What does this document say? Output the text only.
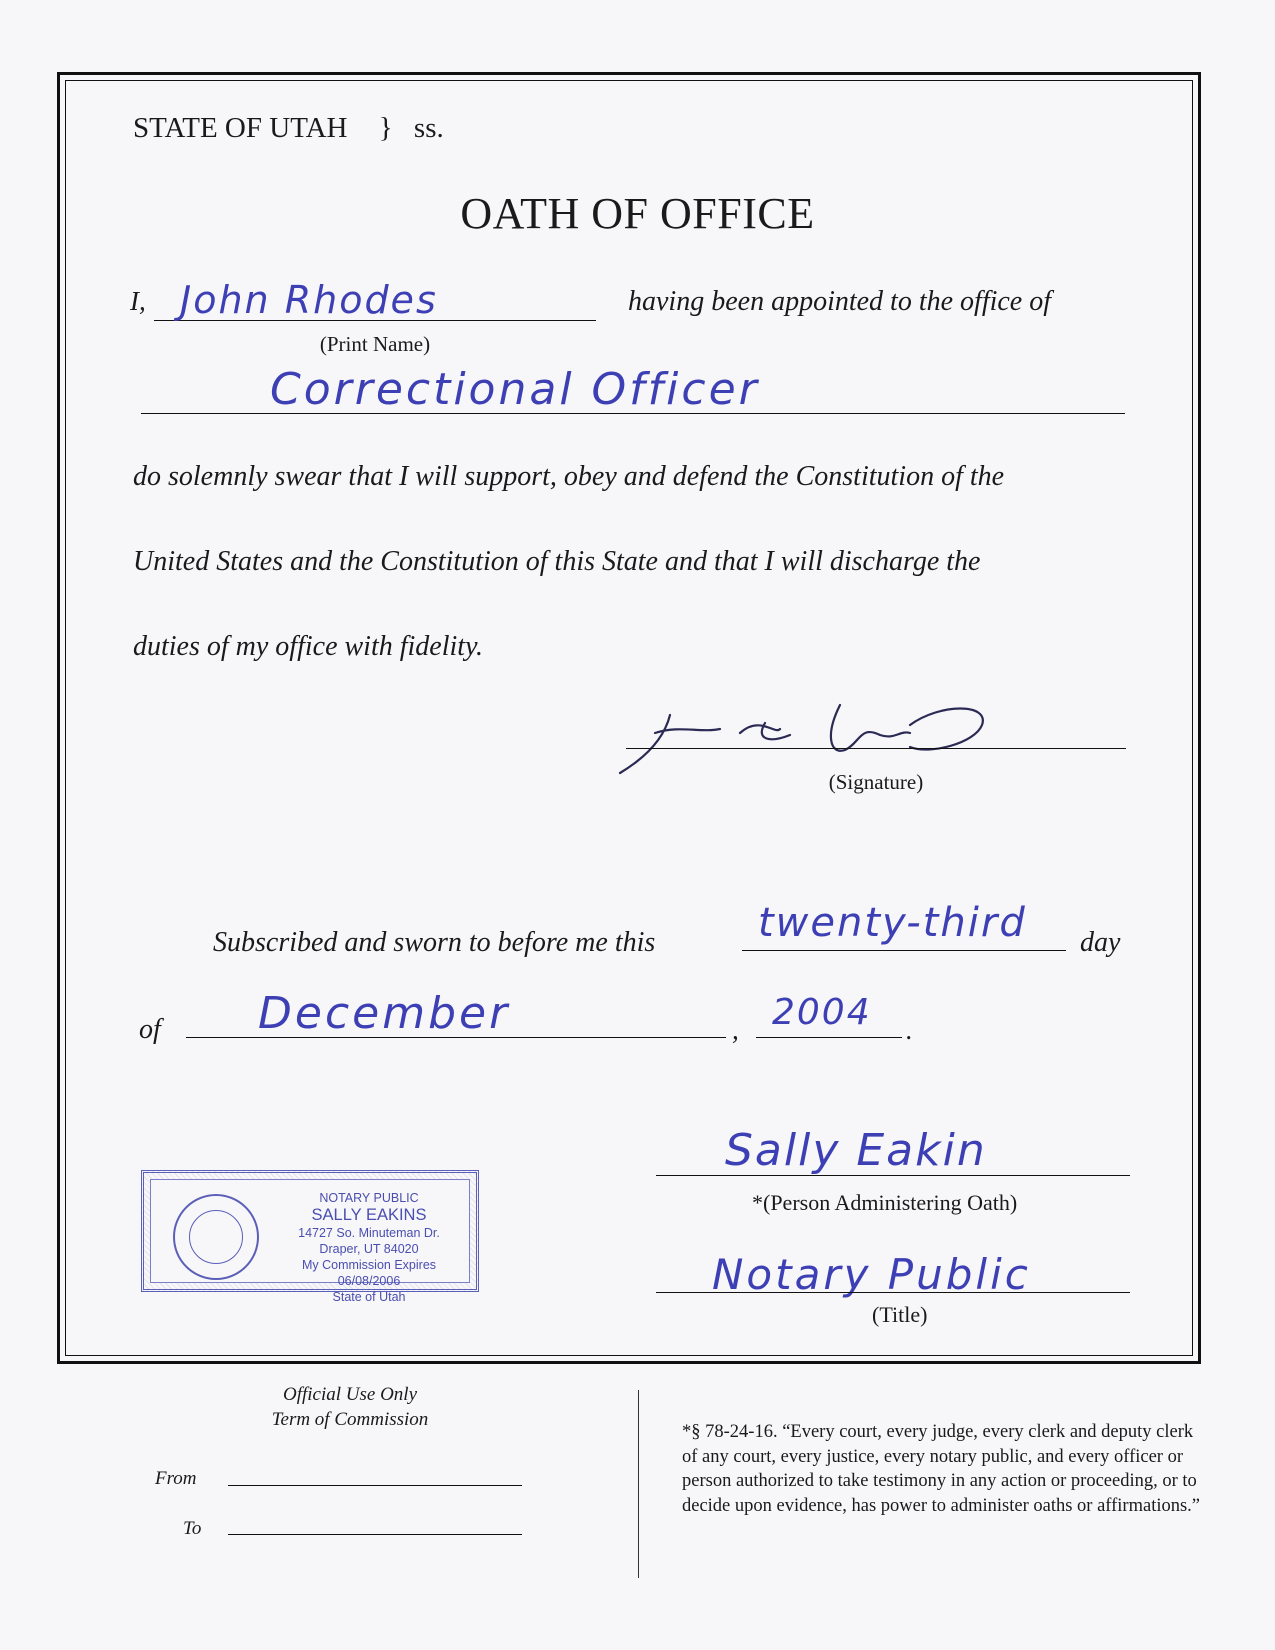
STATE OF UTAH } ss.
OATH OF OFFICE
I, John Rhodes
(Print Name)
having been appointed to the office of
Correctional Officer
do solemnly swear that I will support, obey and defend the Constitution of the
United States and the Constitution of this State and that I will discharge the
duties of my office with fidelity.
(Signature)
Subscribed and sworn to before me this	twenty-third day
of December	, 2004 .
NOTARY PUBLIC
SALLY EAKINS
14727 So. Minuteman Dr.
Draper, UT 84020
My Commission Expires 06/08/2006
State of Utah
Sally Eakin
*(Person Administering Oath)
Notary Public
(Title)
Official Use Only
Term of Commission
From
To
*§ 78-24-16. “Every court, every judge, every clerk and deputy clerk of any court, every justice, every notary public, and every officer or person authorized to take testimony in any action or proceeding, or to decide upon evidence, has power to administer oaths or affirmations.”
